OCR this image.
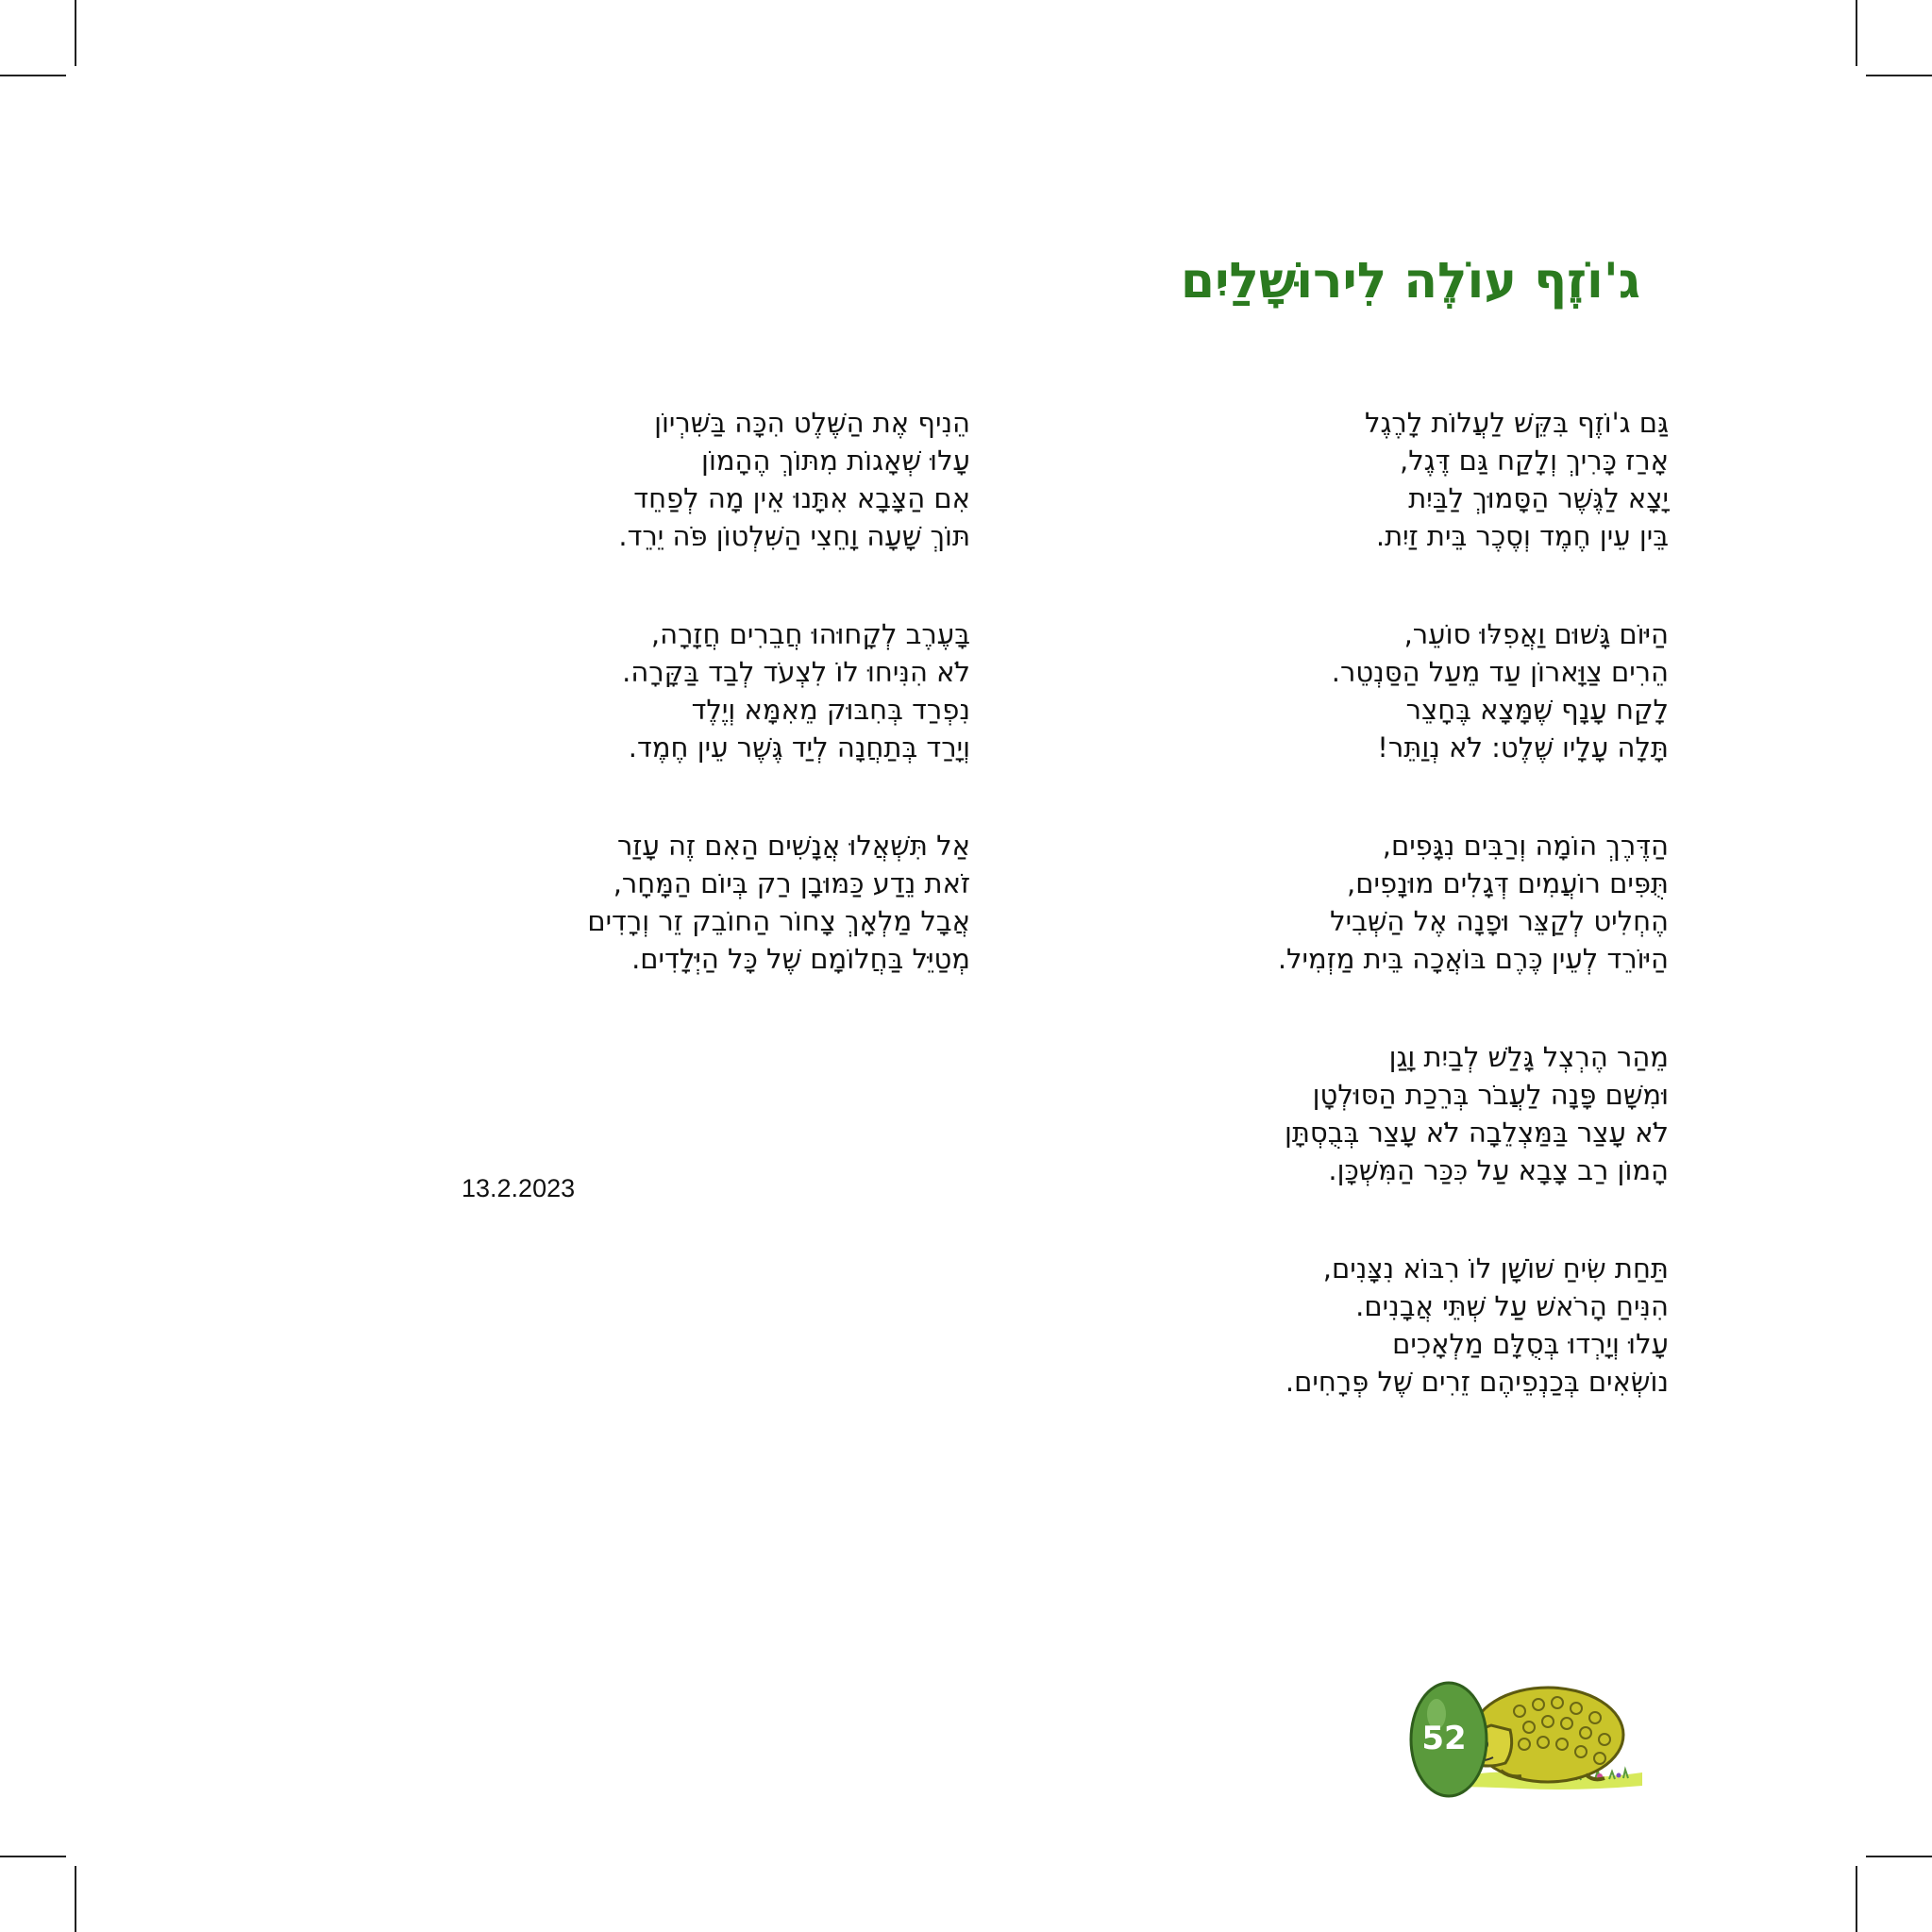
ג'וֹזֶף עוֹלֶה לִירוּשָׁלַיִם
גַּם ג'וֹזֶף בִּקֵּשׁ לַעֲלוֹת לָרֶגֶל
אָרַז כָּרִיךְ וְלָקַח גַּם דֶּגֶל,
יָצָא לַגֶּשֶׁר הַסָּמוּךְ לַבַּיִת
בֵּין עֵין חֶמֶד וְסֶכֶר בֵּית זַיִת.
הַיּוֹם גָּשׁוּם וַאֲפִלּוּ סוֹעֵר,
הֵרִים צַוָּארוֹן עַד מֵעַל הַסַּנְטֵר.
לָקַח עָנָף שֶׁמָּצָא בֶּחָצֵר
תָּלָה עָלָיו שֶׁלֶט: לֹא נְוַתֵּר!
הַדֶּרֶךְ הוֹמָה וְרַבִּים נִגָּפִים,
תֻּפִּים רוֹעֲמִים דְּגָלִים מוּנָפִים,
הֶחְלִיט לְקַצֵּר וּפָנָה אֶל הַשְּׁבִיל
הַיּוֹרֵד לְעֵין כֶּרֶם בּוֹאֲכָה בֵּית מַזְמִיל.
מֵהַר הֶרְצְל גָּלַשׁ לְבַיִת וָגַן
וּמִשָּׁם פָּנָה לַעֲבֹר בְּרֵכַת הַסּוּלְטָן
לֹא עָצַר בַּמַּצְלֵבָה לֹא עָצַר בְּבֻסְתָּן
הָמוֹן רַב צָבָא עַל כִּכַּר הַמִּשְׁכָּן.
תַּחַת שִׂיחַ שׁוֹשָׁן לוֹ רִבּוֹא נִצָּנִים,
הִנִּיחַ הָרֹאשׁ עַל שְׁתֵּי אֲבָנִים.
עָלוּ וְיָרְדוּ בְּסֻלָּם מַלְאָכִים
נוֹשְׂאִים בְּכַנְפֵיהֶם זֵרִים שֶׁל פְּרָחִים.
הֵנִיף אֶת הַשֶּׁלֶט הִכָּה בַּשִּׁרְיוֹן
עָלוּ שְׁאָגוֹת מִתּוֹךְ הֶהָמוֹן
אִם הַצָּבָא אִתָּנוּ אֵין מָה לְפַחֵד
תּוֹךְ שָׁעָה וָחֵצִי הַשִּׁלְטוֹן פֹּה יֵרֵד.
בָּעֶרֶב לְקָחוּהוּ חֲבֵרִים חֲזָרָה,
לֹא הִנִּיחוּ לוֹ לִצְעֹד לְבַד בַּקָּרָה.
נִפְרַד בְּחִבּוּק מֵאִמָּא וְיֶלֶד
וְיָרַד בְּתַחֲנָה לְיַד גֶּשֶׁר עֵין חֶמֶד.
אַל תִּשְׁאֲלוּ אֲנָשִׁים הַאִם זֶה עָזַר
זֹאת נֵדַע כַּמּוּבָן רַק בְּיוֹם הַמָּחָר,
אֲבָל מַלְאָךְ צָחוֹר הַחוֹבֵק זֵר וְרָדִים
מְטַיֵּל בַּחֲלוֹמָם שֶׁל כָּל הַיְּלָדִים.
13.2.2023
52
